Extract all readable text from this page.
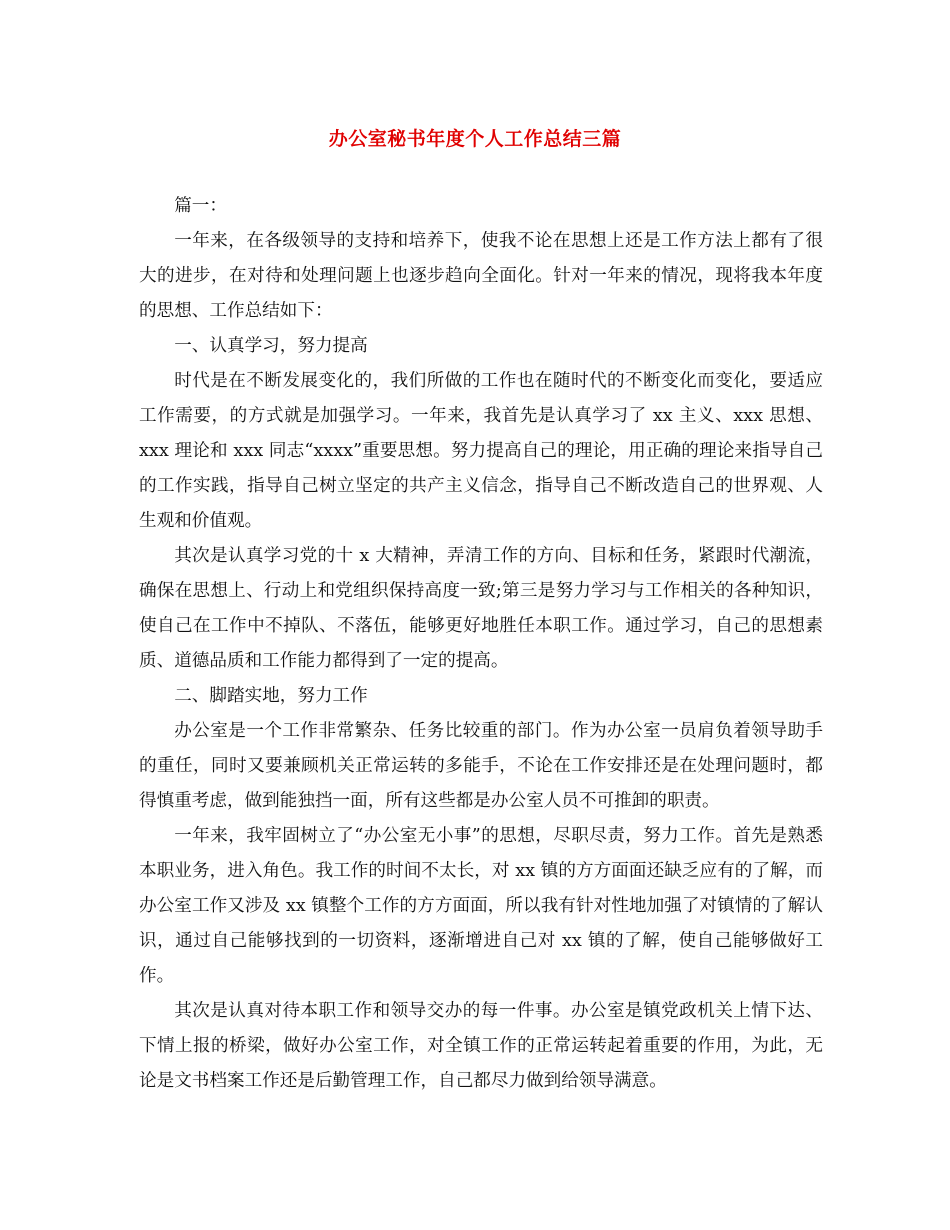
办公室秘书年度个人工作总结三篇

篇一：

一年来，在各级领导的支持和培养下，使我不论在思想上还是工作方法上都有了很大的进步，在对待和处理问题上也逐步趋向全面化。针对一年来的情况，现将我本年度的思想、工作总结如下：

一、认真学习，努力提高

时代是在不断发展变化的，我们所做的工作也在随时代的不断变化而变化，要适应工作需要，的方式就是加强学习。一年来，我首先是认真学习了 xx 主义、xxx 思想、xxx 理论和 xxx 同志“xxxx”重要思想。努力提高自己的理论，用正确的理论来指导自己的工作实践，指导自己树立坚定的共产主义信念，指导自己不断改造自己的世界观、人生观和价值观。

其次是认真学习党的十 x 大精神，弄清工作的方向、目标和任务，紧跟时代潮流，确保在思想上、行动上和党组织保持高度一致;第三是努力学习与工作相关的各种知识，使自己在工作中不掉队、不落伍，能够更好地胜任本职工作。通过学习，自己的思想素质、道德品质和工作能力都得到了一定的提高。

二、脚踏实地，努力工作

办公室是一个工作非常繁杂、任务比较重的部门。作为办公室一员肩负着领导助手的重任，同时又要兼顾机关正常运转的多能手，不论在工作安排还是在处理问题时，都得慎重考虑，做到能独挡一面，所有这些都是办公室人员不可推卸的职责。

一年来，我牢固树立了“办公室无小事”的思想，尽职尽责，努力工作。首先是熟悉本职业务，进入角色。我工作的时间不太长，对 xx 镇的方方面面还缺乏应有的了解，而办公室工作又涉及 xx 镇整个工作的方方面面，所以我有针对性地加强了对镇情的了解认识，通过自己能够找到的一切资料，逐渐增进自己对 xx 镇的了解，使自己能够做好工作。

其次是认真对待本职工作和领导交办的每一件事。办公室是镇党政机关上情下达、下情上报的桥梁，做好办公室工作，对全镇工作的正常运转起着重要的作用，为此，无论是文书档案工作还是后勤管理工作，自己都尽力做到给领导满意。
